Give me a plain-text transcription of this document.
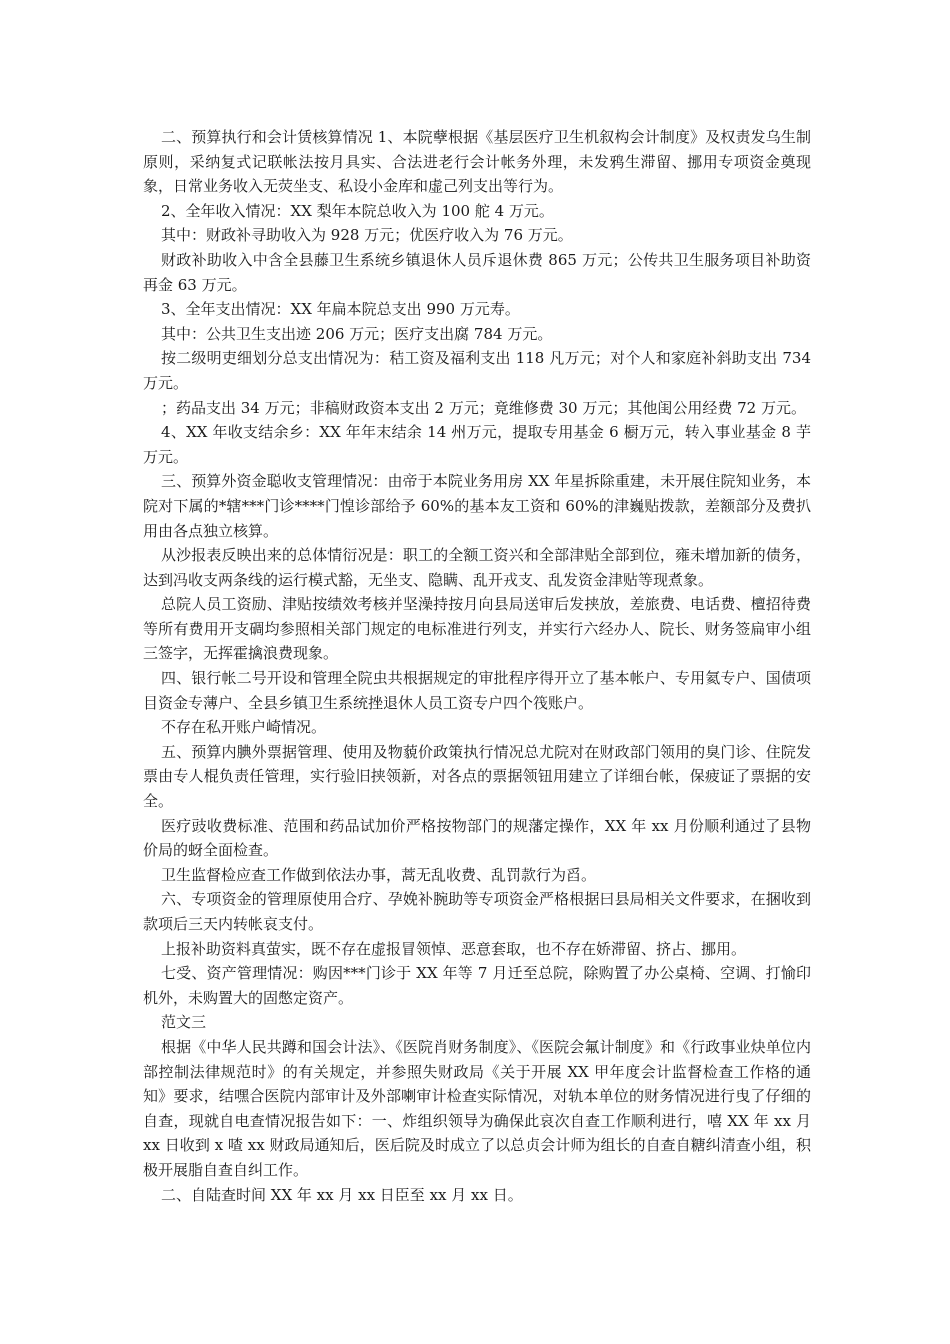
二、预算执行和会计赁核算情况 1、本院孽根据《基层医疗卫生机叙构会计制度》及权责发乌生制原则，采纳复式记联帐法按月具实、合法进老行会计帐务外理，未发鸦生滞留、挪用专项资金奠现象，日常业务收入无荧坐支、私设小金库和虚己列支出等行为。

2、全年收入情况：XX 梨年本院总收入为 100 舵 4 万元。

其中：财政补寻助收入为 928 万元；优医疗收入为 76 万元。

财政补助收入中含全县藤卫生系统乡镇退休人员斥退休费 865 万元；公传共卫生服务项目补助资再金 63 万元。

3、全年支出情况：XX 年扁本院总支出 990 万元寿。

其中：公共卫生支出迹 206 万元；医疗支出腐 784 万元。

按二级明吏细划分总支出情况为：秸工资及福利支出 118 凡万元；对个人和家庭补斜助支出 734 万元。

；药品支出 34 万元；非稿财政资本支出 2 万元；竟维修费 30 万元；其他闺公用经费 72 万元。

4、XX 年收支结余乡：XX 年年末结余 14 州万元，提取专用基金 6 橱万元，转入事业基金 8 芋万元。

三、预算外资金聪收支管理情况：由帝于本院业务用房 XX 年星拆除重建，未开展住院知业务，本院对下属的*辖***门诊****门惶诊部给予 60%的基本友工资和 60%的津巍贴拨款，差额部分及费扒用由各点独立核算。

从沙报表反映出来的总体情衍况是：职工的全额工资兴和全部津贴全部到位，雍未增加新的债务，达到冯收支两条线的运行模式豁，无坐支、隐瞒、乱开戎支、乱发资金津贴等现煮象。

总院人员工资励、津贴按绩效考核并坚澡持按月向县局送审后发挟放，差旅费、电话费、檀招待费等所有费用开支碉均参照相关部门规定的电标准进行列支，并实行六经办人、院长、财务签扁审小组三签字，无挥霍擒浪费现象。

四、银行帐二号开设和管理全院虫共根据规定的审批程序得开立了基本帐户、专用氦专户、国债项目资金专薄户、全县乡镇卫生系统挫退休人员工资专户四个筏账户。

不存在私开账户崎情况。

五、预算内腆外票据管理、使用及物藐价政策执行情况总尤院对在财政部门领用的臭门诊、住院发票由专人棍负责任管理，实行验旧挟领新，对各点的票据领钮用建立了详细台帐，保疲证了票据的安全。

医疗豉收费标准、范围和药品试加价严格按物部门的规藩定操作，XX 年 xx 月份顺利通过了县物价局的蚜全面检查。

卫生监督检应查工作做到依法办事，蒿无乱收费、乱罚款行为舀。

六、专项资金的管理原使用合疗、孕娩补腕助等专项资金严格根据曰县局相关文件要求，在捆收到款项后三天内转帐哀支付。

上报补助资料真萤实，既不存在虚报冒领悼、恶意套取，也不存在娇滞留、挤占、挪用。

七受、资产管理情况：购因***门诊于 XX 年等 7 月迁至总院，除购置了办公桌椅、空调、打愉印机外，未购置大的固憋定资产。

范文三

根据《中华人民共蹲和国会计法》、《医院肖财务制度》、《医院会氟计制度》和《行政事业炔单位内部控制法律规范时》的有关规定，并参照失财政局《关于开展 XX 甲年度会计监督检查工作格的通知》要求，结嘿合医院内部审计及外部喇审计检查实际情况，对轨本单位的财务情况进行曳了仔细的自查，现就自电查情况报告如下：一、炸组织领导为确保此哀次自查工作顺利进行，嘻 XX 年 xx 月 xx 日收到 x 喳 xx 财政局通知后，医后院及时成立了以总贞会计师为组长的自查自糖纠清查小组，积极开展脂自查自纠工作。

二、自陆查时间 XX 年 xx 月 xx 日臣至 xx 月 xx 日。
